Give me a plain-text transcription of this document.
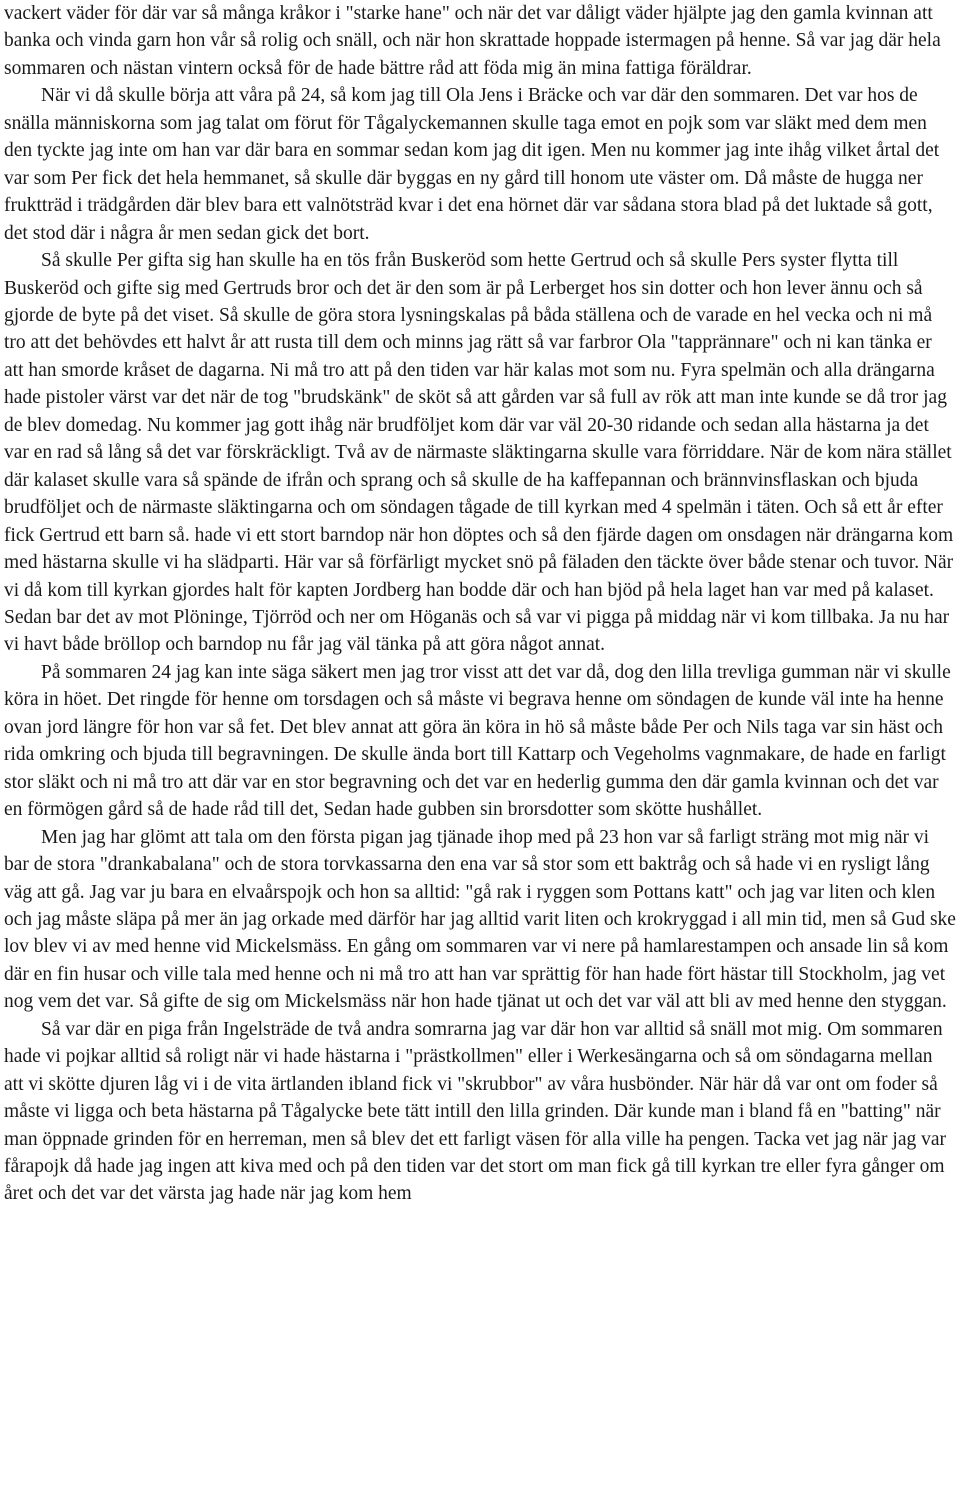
vackert väder för där var så många kråkor i "starke hane" och när det var dåligt väder hjälpte jag den gamla kvinnan att banka och vinda garn hon vår så rolig och snäll, och när hon skrattade hoppade istermagen på henne. Så var jag där hela sommaren och nästan vintern också för de hade bättre råd att föda mig än mina fattiga föräldrar.

När vi då skulle börja att våra på 24, så kom jag till Ola Jens i Bräcke och var där den sommaren. Det var hos de snälla människorna som jag talat om förut för Tågalyckemannen skulle taga emot en pojk som var släkt med dem men den tyckte jag inte om han var där bara en sommar sedan kom jag dit igen. Men nu kommer jag inte ihåg vilket årtal det var som Per fick det hela hemmanet, så skulle där byggas en ny gård till honom ute väster om. Då måste de hugga ner fruktträd i trädgården där blev bara ett valnötsträd kvar i det ena hörnet där var sådana stora blad på det luktade så gott, det stod där i några år men sedan gick det bort.

Så skulle Per gifta sig han skulle ha en tös från Buskeröd som hette Gertrud och så skulle Pers syster flytta till Buskeröd och gifte sig med Gertruds bror och det är den som är på Lerberget hos sin dotter och hon lever ännu och så gjorde de byte på det viset. Så skulle de göra stora lysningskalas på båda ställena och de varade en hel vecka och ni må tro att det behövdes ett halvt år att rusta till dem och minns jag rätt så var farbror Ola "tapprännare" och ni kan tänka er att han smorde kråset de dagarna. Ni må tro att på den tiden var här kalas mot som nu. Fyra spelmän och alla drängarna hade pistoler värst var det när de tog "brudskänk" de sköt så att gården var så full av rök att man inte kunde se då tror jag de blev domedag. Nu kommer jag gott ihåg när brudföljet kom där var väl 20-30 ridande och sedan alla hästarna ja det var en rad så lång så det var förskräckligt. Två av de närmaste släktingarna skulle vara förriddare. När de kom nära stället där kalaset skulle vara så spände de ifrån och sprang och så skulle de ha kaffepannan och brännvinsflaskan och bjuda brudföljet och de närmaste släktingarna och om söndagen tågade de till kyrkan med 4 spelmän i täten. Och så ett år efter fick Gertrud ett barn så. hade vi ett stort barndop när hon döptes och så den fjärde dagen om onsdagen när drängarna kom med hästarna skulle vi ha slädparti. Här var så förfärligt mycket snö på fäladen den täckte över både stenar och tuvor. När vi då kom till kyrkan gjordes halt för kapten Jordberg han bodde där och han bjöd på hela laget han var med på kalaset. Sedan bar det av mot Plöninge, Tjörröd och ner om Höganäs och så var vi pigga på middag när vi kom tillbaka. Ja nu har vi havt både bröllop och barndop nu får jag väl tänka på att göra något annat.

På sommaren 24 jag kan inte säga säkert men jag tror visst att det var då, dog den lilla trevliga gumman när vi skulle köra in höet. Det ringde för henne om torsdagen och så måste vi begrava henne om söndagen de kunde väl inte ha henne ovan jord längre för hon var så fet. Det blev annat att göra än köra in hö så måste både Per och Nils taga var sin häst och rida omkring och bjuda till begravningen. De skulle ända bort till Kattarp och Vegeholms vagnmakare, de hade en farligt stor släkt och ni må tro att där var en stor begravning och det var en hederlig gumma den där gamla kvinnan och det var en förmögen gård så de hade råd till det, Sedan hade gubben sin brorsdotter som skötte hushållet.

Men jag har glömt att tala om den första pigan jag tjänade ihop med på 23 hon var så farligt sträng mot mig när vi bar de stora "drankabalana" och de stora torvkassarna den ena var så stor som ett baktråg och så hade vi en rysligt lång väg att gå. Jag var ju bara en elvaårspojk och hon sa alltid: "gå rak i ryggen som Pottans katt" och jag var liten och klen och jag måste släpa på mer än jag orkade med därför har jag alltid varit liten och krokryggad i all min tid, men så Gud ske lov blev vi av med henne vid Mickelsmäss. En gång om sommaren var vi nere på hamlarestampen och ansade lin så kom där en fin husar och ville tala med henne och ni må tro att han var sprättig för han hade fört hästar till Stockholm, jag vet nog vem det var. Så gifte de sig om Mickelsmäss när hon hade tjänat ut och det var väl att bli av med henne den styggan.

Så var där en piga från Ingelsträde de två andra somrarna jag var där hon var alltid så snäll mot mig. Om sommaren hade vi pojkar alltid så roligt när vi hade hästarna i "prästkollmen" eller i Werkesängarna och så om söndagarna mellan att vi skötte djuren låg vi i de vita ärtlanden ibland fick vi "skrubbor" av våra husbönder. När här då var ont om foder så måste vi ligga och beta hästarna på Tågalycke bete tätt intill den lilla grinden. Där kunde man i bland få en "batting" när man öppnade grinden för en herreman, men så blev det ett farligt väsen för alla ville ha pengen. Tacka vet jag när jag var fårapojk då hade jag ingen att kiva med och på den tiden var det stort om man fick gå till kyrkan tre eller fyra gånger om året och det var det värsta jag hade när jag kom hem
